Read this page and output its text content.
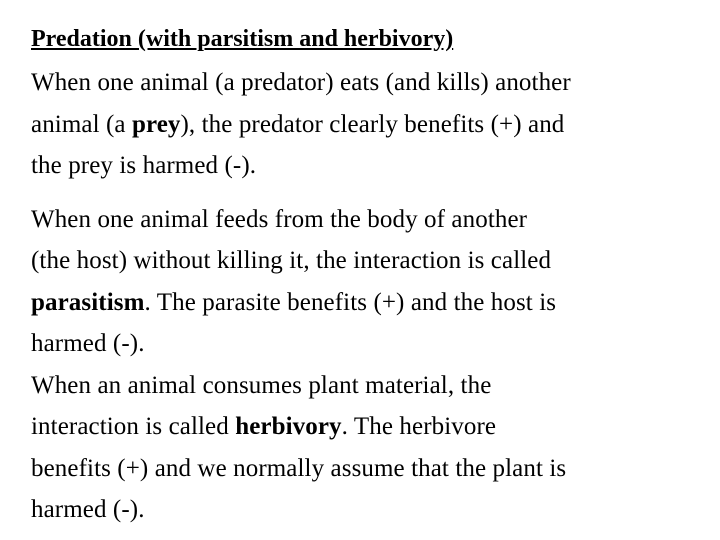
Predation (with parsitism and herbivory)
When one animal (a predator) eats (and kills) another
animal (a prey), the predator clearly benefits (+) and
the prey is harmed (-).
When one animal feeds from the body of another
(the host) without killing it, the interaction is called
parasitism. The parasite benefits (+) and the host is
harmed (-).
When an animal consumes plant material, the
interaction is called herbivory. The herbivore
benefits (+) and we normally assume that the plant is
harmed (-).
